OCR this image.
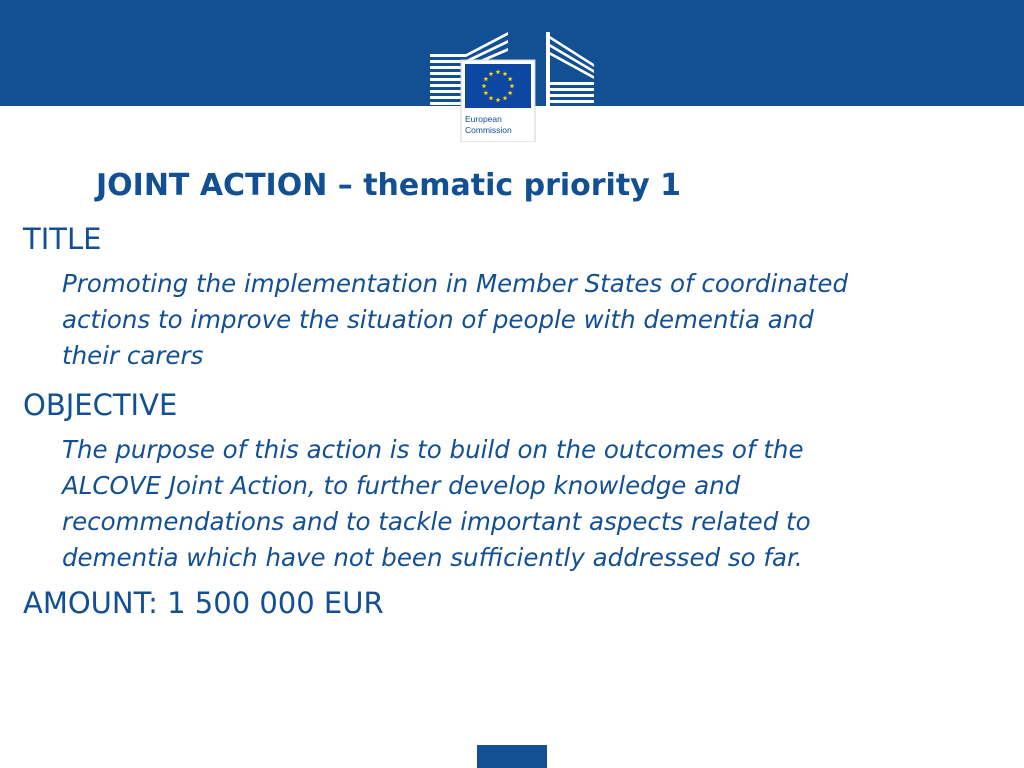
European
Commission
JOINT ACTION – thematic priority 1
TITLE
Promoting the implementation in Member States of coordinated
actions to improve the situation of people with dementia and
their carers
OBJECTIVE
The purpose of this action is to build on the outcomes of the
ALCOVE Joint Action, to further develop knowledge and
recommendations and to tackle important aspects related to
dementia which have not been sufficiently addressed so far.
AMOUNT: 1 500 000 EUR
